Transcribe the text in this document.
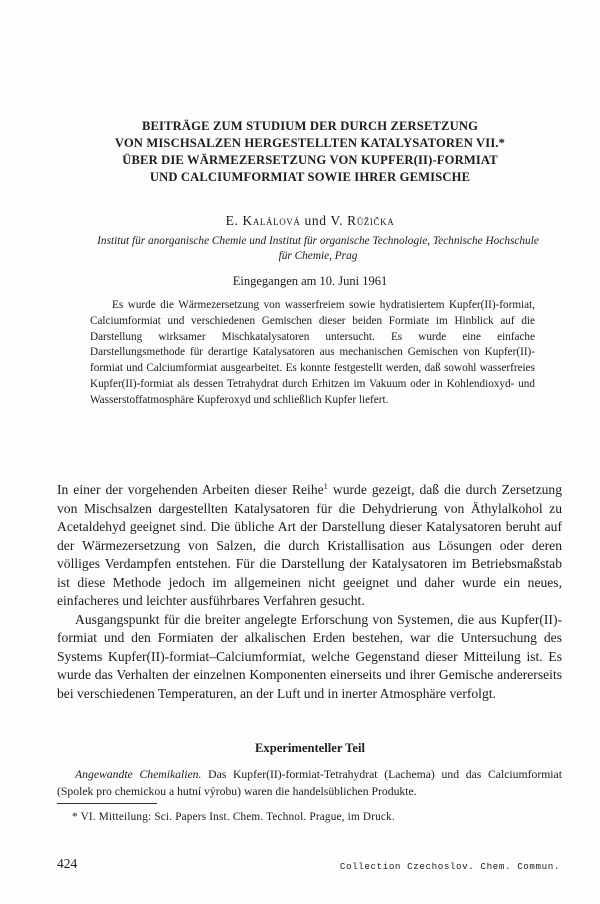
BEITRÄGE ZUM STUDIUM DER DURCH ZERSETZUNG
VON MISCHSALZEN HERGESTELLTEN KATALYSATOREN VII.*
ÜBER DIE WÄRMEZERSETZUNG VON KUPFER(II)-FORMIAT
UND CALCIUMFORMIAT SOWIE IHRER GEMISCHE
E. Kalálová und V. Růžička
Institut für anorganische Chemie und Institut für organische Technologie, Technische Hochschule für Chemie, Prag
Eingegangen am 10. Juni 1961

Es wurde die Wärmezersetzung von wasserfreiem sowie hydratisiertem Kupfer(II)-formiat, Calciumformiat und verschiedenen Gemischen dieser beiden Formiate im Hinblick auf die Darstellung wirksamer Mischkatalysatoren untersucht. Es wurde eine einfache Darstellungsmethode für derartige Katalysatoren aus mechanischen Gemischen von Kupfer(II)-formiat und Calciumformiat ausgearbeitet. Es konnte festgestellt werden, daß sowohl wasserfreies Kupfer(II)-formiat als dessen Tetrahydrat durch Erhitzen im Vakuum oder in Kohlendioxyd- und Wasserstoffatmosphäre Kupferoxyd und schließlich Kupfer liefert.

In einer der vorgehenden Arbeiten dieser Reihe$^1$ wurde gezeigt, daß die durch Zersetzung von Mischsalzen dargestellten Katalysatoren für die Dehydrierung von Äthylalkohol zu Acetaldehyd geeignet sind. Die übliche Art der Darstellung dieser Katalysatoren beruht auf der Wärmezersetzung von Salzen, die durch Kristallisation aus Lösungen oder deren völliges Verdampfen entstehen. Für die Darstellung der Katalysatoren im Betriebsmaßstab ist diese Methode jedoch im allgemeinen nicht geeignet und daher wurde ein neues, einfacheres und leichter ausführbares Verfahren gesucht.

Ausgangspunkt für die breiter angelegte Erforschung von Systemen, die aus Kupfer(II)-formiat und den Formiaten der alkalischen Erden bestehen, war die Untersuchung des Systems Kupfer(II)-formiat–Calciumformiat, welche Gegenstand dieser Mitteilung ist. Es wurde das Verhalten der einzelnen Komponenten einerseits und ihrer Gemische andererseits bei verschiedenen Temperaturen, an der Luft und in inerter Atmosphäre verfolgt.

Experimenteller Teil

Angewandte Chemikalien. Das Kupfer(II)-formiat-Tetrahydrat (Lachema) und das Calciumformiat (Spolek pro chemickou a hutní výrobu) waren die handelsüblichen Produkte.

* VI. Mitteilung: Sci. Papers Inst. Chem. Technol. Prague, im Druck.
424	Collection Czechoslov. Chem. Commun.
